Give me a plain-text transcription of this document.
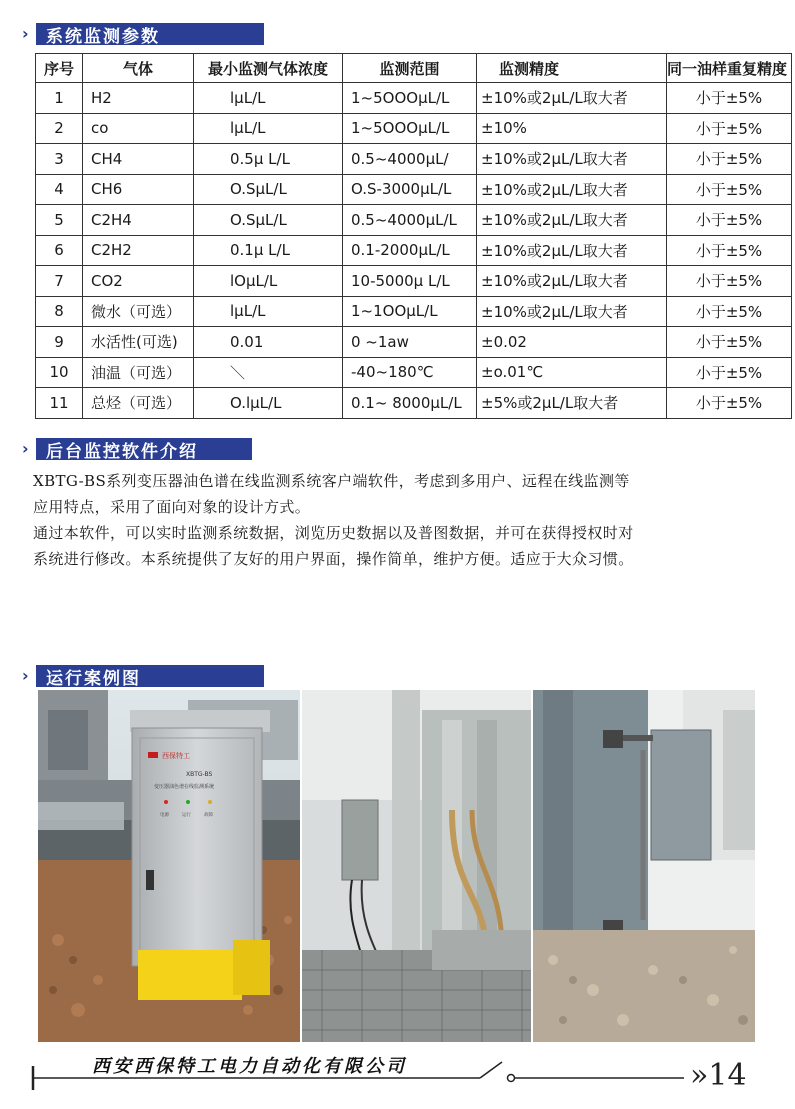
›	系统监测参数
序号	气体	最小监测气体浓度	监测范围	监测精度	同一油样重复精度
1	H2	lμL/L	1~5OOOμL/L	±10%或2μL/L取大者	小于±5%
2	co	lμL/L	1~5OOOμL/L	±10%	小于±5%
3	CH4	0.5μ L/L	0.5~4000μL/	±10%或2μL/L取大者	小于±5%
4	CH6	O.SμL/L	O.S-3000μL/L	±10%或2μL/L取大者	小于±5%
5	C2H4	O.SμL/L	0.5~4000μL/L	±10%或2μL/L取大者	小于±5%
6	C2H2	0.1μ L/L	0.1-2000μL/L	±10%或2μL/L取大者	小于±5%
7	CO2	lOμL/L	10-5000μ L/L	±10%或2μL/L取大者	小于±5%
8	微水（可选）	lμL/L	1~1OOμL/L	±10%或2μL/L取大者	小于±5%
9	水活性(可选)	0.01	0 ~1aw	±0.02	小于±5%
10	油温（可选）	＼	-40~180℃	±o.01℃	小于±5%
11	总烃（可选）	O.lμL/L	0.1~ 8000μL/L	±5%或2μL/L取大者	小于±5%
›	后台监控软件介绍

XBTG-BS系列变压器油色谱在线监测系统客户端软件，考虑到多用户、远程在线监测等

应用特点，采用了面向对象的设计方式。

通过本软件，可以实时监测系统数据，浏览历史数据以及普图数据，并可在获得授权时对

系统进行修改。本系统提供了友好的用户界面，操作简单，维护方便。适应于大众习惯。

›	运行案例图
西保特工
XBTG-BS
变压器油色谱在线监测系统
电源	运行	故障
西安西保特工电力自动化有限公司	»14
